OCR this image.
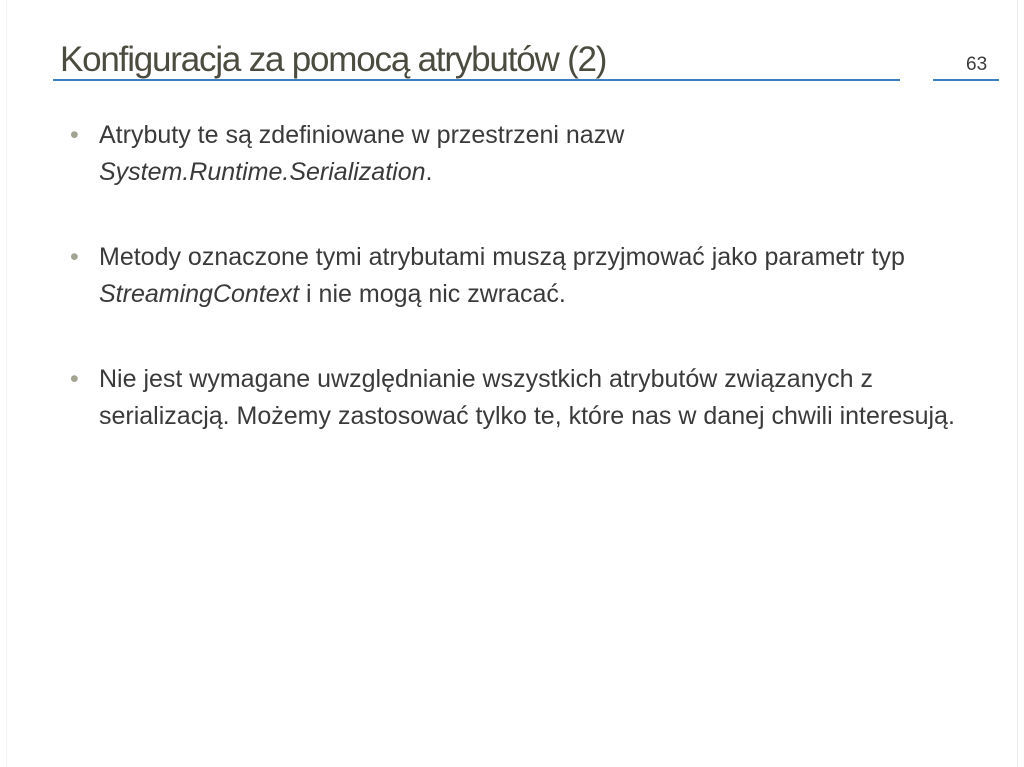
Konfiguracja za pomocą atrybutów (2)	63
• Atrybuty te są zdefiniowane w przestrzeni nazw
System.Runtime.Serialization.
• Metody oznaczone tymi atrybutami muszą przyjmować jako parametr typ StreamingContext i nie mogą nic zwracać.
• Nie jest wymagane uwzględnianie wszystkich atrybutów związanych z serializacją. Możemy zastosować tylko te, które nas w danej chwili interesują.
